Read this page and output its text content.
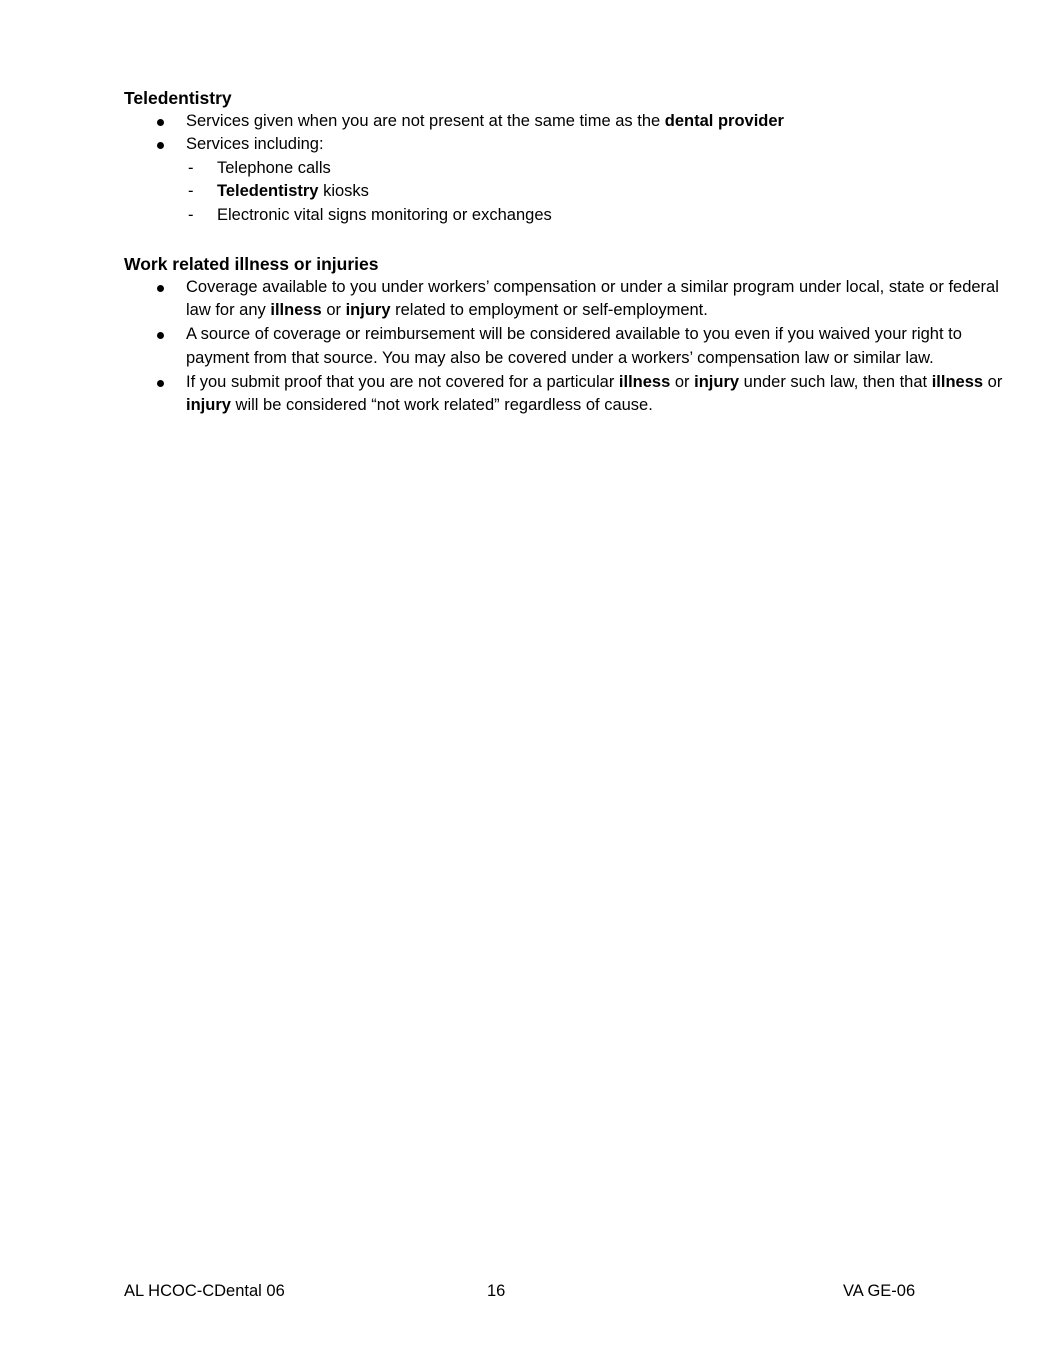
Teledentistry
Services given when you are not present at the same time as the dental provider
Services including:
- Telephone calls
- Teledentistry kiosks
- Electronic vital signs monitoring or exchanges
Work related illness or injuries
Coverage available to you under workers’ compensation or under a similar program under local, state or federal law for any illness or injury related to employment or self-employment.
A source of coverage or reimbursement will be considered available to you even if you waived your right to payment from that source. You may also be covered under a workers’ compensation law or similar law.
If you submit proof that you are not covered for a particular illness or injury under such law, then that illness or injury will be considered “not work related” regardless of cause.
AL HCOC-CDental 06	16	VA GE-06
